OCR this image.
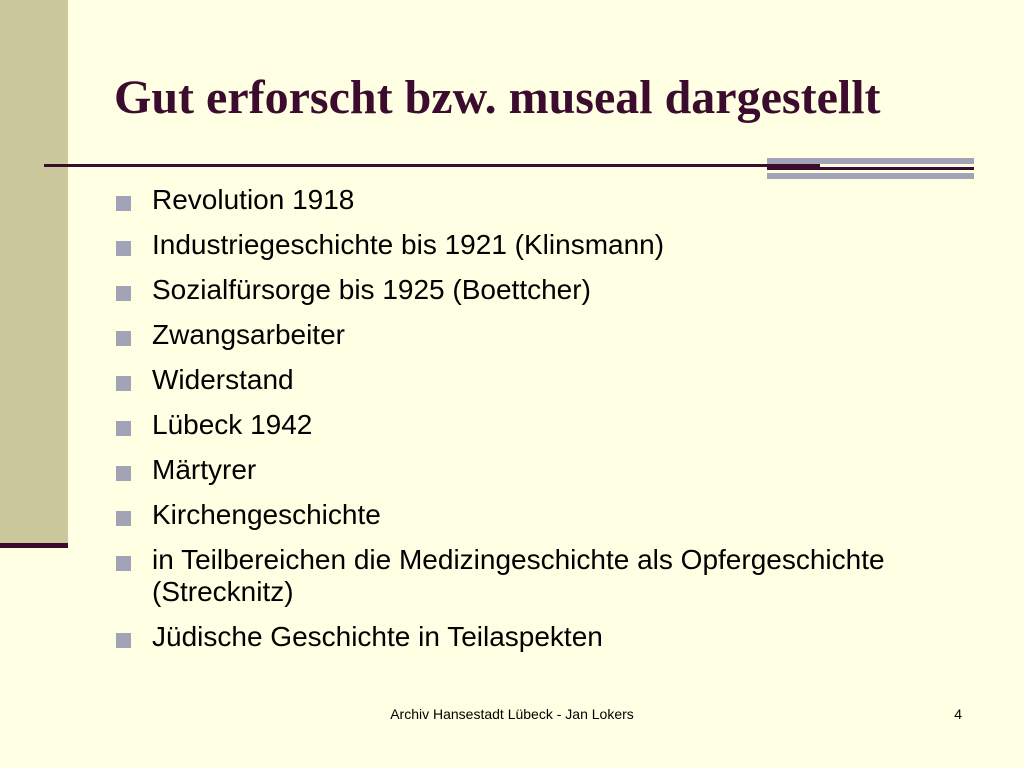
Gut erforscht bzw. museal dargestellt
Revolution 1918
Industriegeschichte bis 1921 (Klinsmann)
Sozialfürsorge bis 1925 (Boettcher)
Zwangsarbeiter
Widerstand
Lübeck 1942
Märtyrer
Kirchengeschichte
in Teilbereichen die Medizingeschichte als Opfergeschichte (Strecknitz)
Jüdische Geschichte in Teilaspekten
Archiv Hansestadt Lübeck - Jan Lokers	4
